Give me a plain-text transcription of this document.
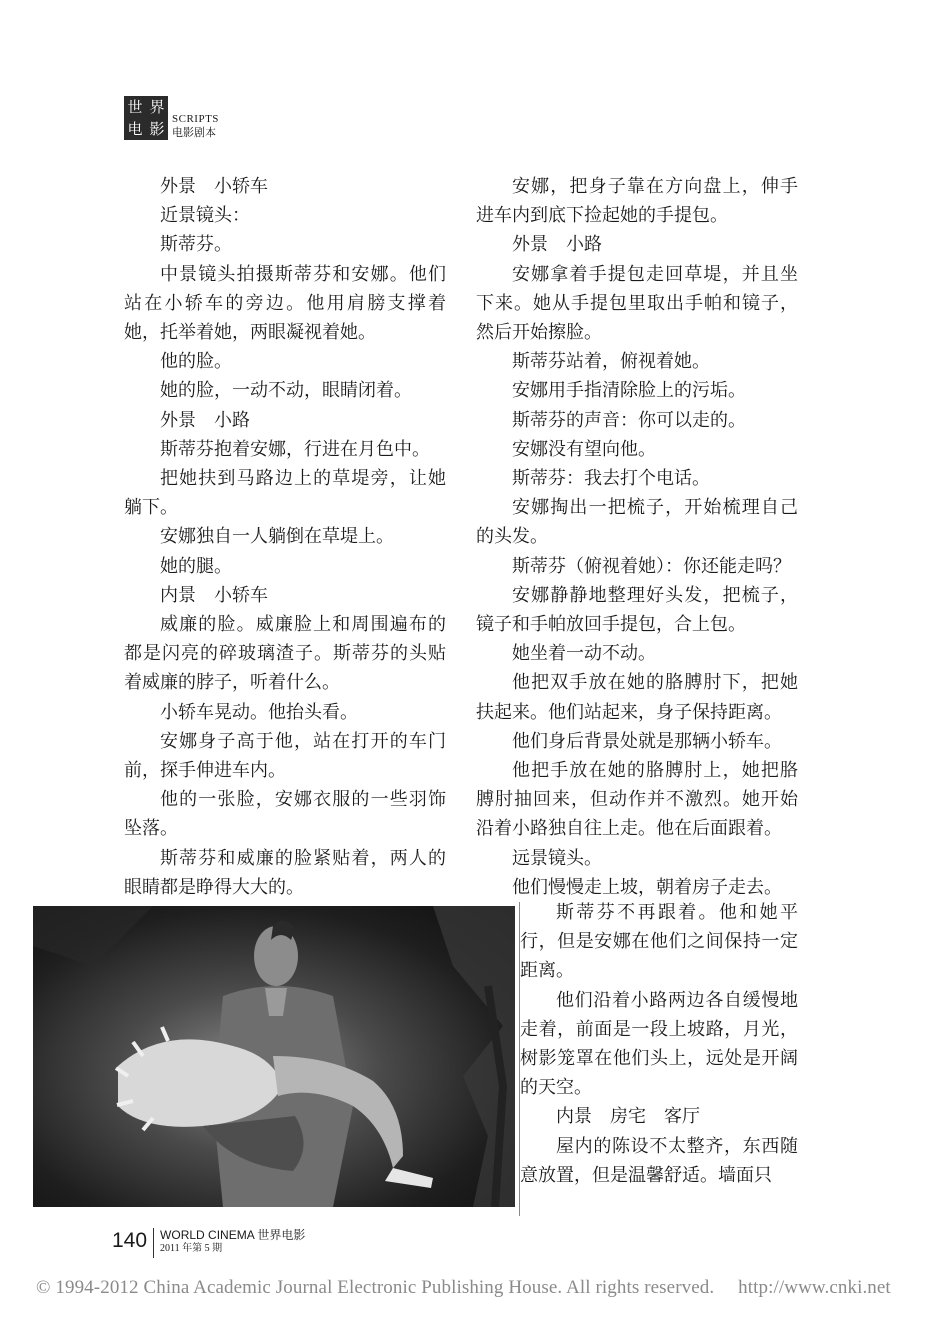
世 界
电 影
SCRIPTS
电影剧本

外景　小轿车

近景镜头：

斯蒂芬。

中景镜头拍摄斯蒂芬和安娜。他们站在小轿车的旁边。他用肩膀支撑着她，托举着她，两眼凝视着她。

他的脸。

她的脸，一动不动，眼睛闭着。

外景　小路

斯蒂芬抱着安娜，行进在月色中。

把她扶到马路边上的草堤旁，让她躺下。

安娜独自一人躺倒在草堤上。

她的腿。

内景　小轿车

威廉的脸。威廉脸上和周围遍布的都是闪亮的碎玻璃渣子。斯蒂芬的头贴着威廉的脖子，听着什么。

小轿车晃动。他抬头看。

安娜身子高于他，站在打开的车门前，探手伸进车内。

他的一张脸，安娜衣服的一些羽饰坠落。

斯蒂芬和威廉的脸紧贴着，两人的眼睛都是睁得大大的。

安娜，把身子靠在方向盘上，伸手进车内到底下捡起她的手提包。

外景　小路

安娜拿着手提包走回草堤，并且坐下来。她从手提包里取出手帕和镜子，然后开始擦脸。

斯蒂芬站着，俯视着她。

安娜用手指清除脸上的污垢。

斯蒂芬的声音：你可以走的。

安娜没有望向他。

斯蒂芬：我去打个电话。

安娜掏出一把梳子，开始梳理自己的头发。

斯蒂芬（俯视着她）：你还能走吗？

安娜静静地整理好头发，把梳子，镜子和手帕放回手提包，合上包。

她坐着一动不动。

他把双手放在她的胳膊肘下，把她扶起来。他们站起来，身子保持距离。

他们身后背景处就是那辆小轿车。

他把手放在她的胳膊肘上，她把胳膊肘抽回来，但动作并不激烈。她开始沿着小路独自往上走。他在后面跟着。

远景镜头。

他们慢慢走上坡，朝着房子走去。

斯蒂芬不再跟着。他和她平行，但是安娜在他们之间保持一定距离。

他们沿着小路两边各自缓慢地走着，前面是一段上坡路，月光，树影笼罩在他们头上，远处是开阔的天空。

内景　房宅　客厅

屋内的陈设不太整齐，东西随意放置，但是温馨舒适。墙面只

140	WORLD CINEMA 世界电影
2011 年第 5 期
© 1994-2012 China Academic Journal Electronic Publishing House. All rights reserved.　 http://www.cnki.net
